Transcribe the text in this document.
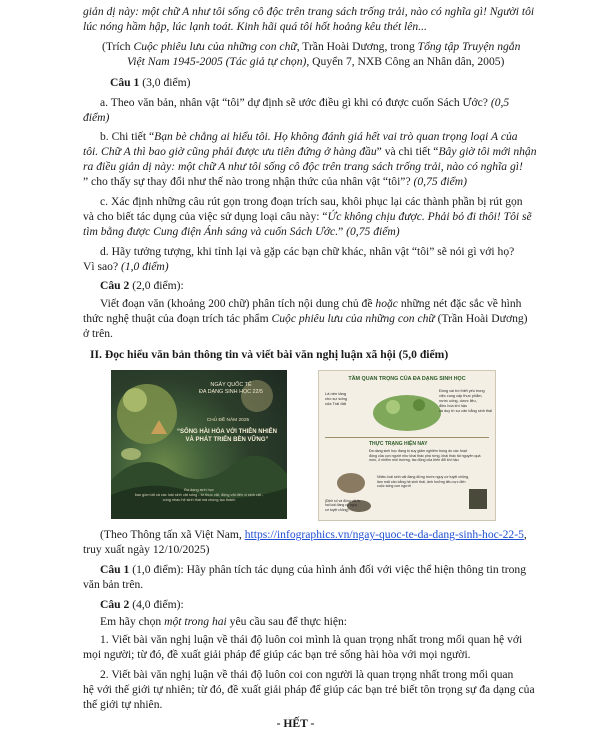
giản dị này: một chữ A như tôi sống cô độc trên trang sách trống trải, nào có nghĩa gì! Người tôi
lúc nóng hầm hập, lúc lạnh toát. Kinh hãi quá tôi hốt hoảng kêu thét lên...
(Trích Cuộc phiêu lưu của những con chữ, Trần Hoài Dương, trong Tổng tập Truyện ngắn
Việt Nam 1945-2005 (Tác giả tự chọn), Quyển 7, NXB Công an Nhân dân, 2005)
Câu 1 (3,0 điểm)
a. Theo văn bản, nhân vật “tôi” dự định sẽ ước điều gì khi có được cuốn Sách Ước? (0,5
điểm)
b. Chi tiết “Bạn bè chẳng ai hiểu tôi. Họ không đánh giá hết vai trò quan trọng loại A của
tôi. Chữ A thì bao giờ cũng phải được ưu tiên đứng ở hàng đầu” và chi tiết “Bây giờ tôi mới nhận
ra điều giản dị này: một chữ A như tôi sống cô độc trên trang sách trống trải, nào có nghĩa gì!
” cho thấy sự thay đổi như thế nào trong nhận thức của nhân vật “tôi”? (0,75 điểm)
c. Xác định những câu rút gọn trong đoạn trích sau, khôi phục lại các thành phần bị rút gọn
và cho biết tác dụng của việc sử dụng loại câu này: “Ức không chịu được. Phải bỏ đi thôi! Tôi sẽ
tìm bằng được Cung điện Ánh sáng và cuốn Sách Ước.” (0,75 điểm)
d. Hãy tưởng tượng, khi tỉnh lại và gặp các bạn chữ khác, nhân vật “tôi” sẽ nói gì với họ?
Vì sao? (1,0 điểm)
Câu 2 (2,0 điểm):
Viết đoạn văn (khoảng 200 chữ) phân tích nội dung chủ đề hoặc những nét đặc sắc về hình
thức nghệ thuật của đoạn trích tác phẩm Cuộc phiêu lưu của những con chữ (Trần Hoài Dương)
ở trên.
II. Đọc hiểu văn bản thông tin và viết bài văn nghị luận xã hội (5,0 điểm)
NGÀY QUỐC TẾ
ĐA DẠNG SINH HỌC 22/5
CHỦ ĐỀ NĂM 2025
“SỐNG HÀI HÒA VỚI THIÊN NHIÊN
VÀ PHÁT TRIỂN BỀN VỮNG”
Đa dạng sinh học
bao gồm tất cả các loài sinh vật sống - từ thực vật, động vật đến vi sinh vật -
cùng nhau hệ sinh thái mà chúng tạo thành
TẦM QUAN TRỌNG CỦA ĐA DẠNG SINH HỌC
Là nền tảng
cho sự sống
của Trái đất
Đóng vai trò thiết yếu trong
việc cung cấp thực phẩm,
nước uống, dược liệu,
điều hòa khí hậu
và duy trì sự cân bằng sinh thái
THỰC TRẠNG HIỆN NAY
Đa dạng sinh học đang bị suy giảm nghiêm trọng do các hoạt
động của con người như khai thác phá rừng, khai thác tài nguyên quá
mức, ô nhiễm môi trường, tác động của biến đổi khí hậu
Nhiều loài sinh vật đang đứng trước nguy cơ tuyệt chủng,
làm mất cân bằng hệ sinh thái, ảnh hưởng tiêu cực đến
cuộc sống con người
(Định số và động vật là
hai loài đang có nguy
cơ tuyệt chủng)
(Theo Thông tấn xã Việt Nam, https://infographics.vn/ngay-quoc-te-da-dang-sinh-hoc-22-5,
truy xuất ngày 12/10/2025)
Câu 1 (1,0 điểm): Hãy phân tích tác dụng của hình ảnh đối với việc thể hiện thông tin trong
văn bản trên.
Câu 2 (4,0 điểm):
Em hãy chọn một trong hai yêu cầu sau để thực hiện:
1. Viết bài văn nghị luận về thái độ luôn coi mình là quan trọng nhất trong mối quan hệ với
mọi người; từ đó, đề xuất giải pháp để giúp các bạn trẻ sống hài hòa với mọi người.
2. Viết bài văn nghị luận về thái độ luôn coi con người là quan trọng nhất trong mối quan
hệ với thế giới tự nhiên; từ đó, đề xuất giải pháp để giúp các bạn trẻ biết tôn trọng sự đa dạng của
thế giới tự nhiên.
- HẾT -
